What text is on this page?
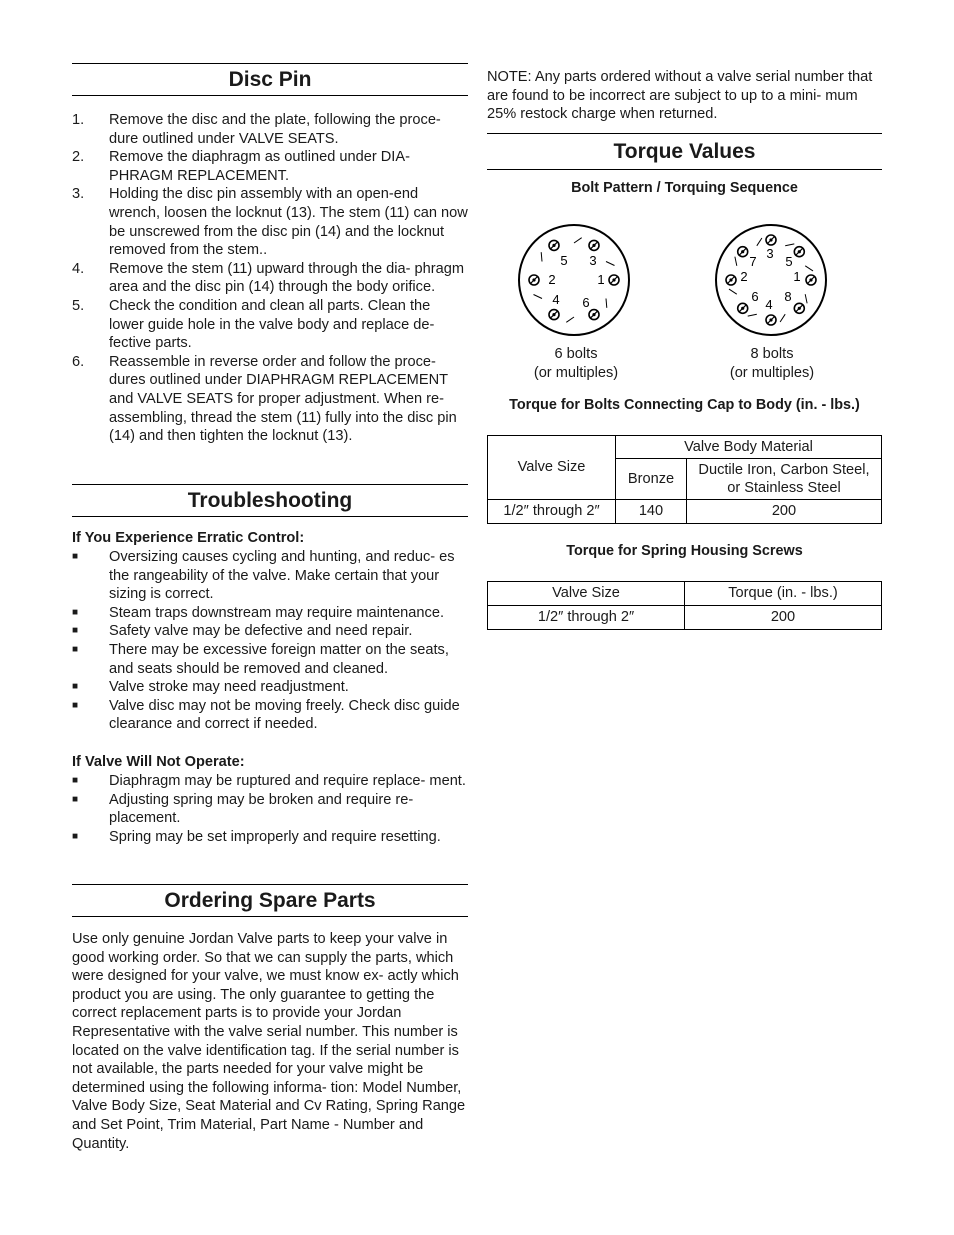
Disc Pin
1. Remove the disc and the plate, following the proce- dure outlined under VALVE SEATS.
2. Remove the diaphragm as outlined under DIA- PHRAGM REPLACEMENT.
3. Holding the disc pin assembly with an open-end wrench, loosen the locknut (13). The stem (11) can now be unscrewed from the disc pin (14) and the locknut removed from the stem..
4. Remove the stem (11) upward through the dia- phragm area and the disc pin (14) through the body orifice.
5. Check the condition and clean all parts. Clean the lower guide hole in the valve body and replace de- fective parts.
6. Reassemble in reverse order and follow the proce- dures outlined under DIAPHRAGM REPLACEMENT and VALVE SEATS for proper adjustment. When re- assembling, thread the stem (11) fully into the disc pin (14) and then tighten the locknut (13).
Troubleshooting
If You Experience Erratic Control:
■ Oversizing causes cycling and hunting, and reduc- es the rangeability of the valve. Make certain that your sizing is correct.
■ Steam traps downstream may require maintenance.
■ Safety valve may be defective and need repair.
■ There may be excessive foreign matter on the seats, and seats should be removed and cleaned.
■ Valve stroke may need readjustment.
■ Valve disc may not be moving freely. Check disc guide clearance and correct if needed.
If Valve Will Not Operate:
■ Diaphragm may be ruptured and require replace- ment.
■ Adjusting spring may be broken and require re- placement.
■ Spring may be set improperly and require resetting.
Ordering Spare Parts
Use only genuine Jordan Valve parts to keep your valve in good working order. So that we can supply the parts, which were designed for your valve, we must know ex- actly which product you are using. The only guarantee to getting the correct replacement parts is to provide your Jordan Representative with the valve serial number. This number is located on the valve identification tag. If the serial number is not available, the parts needed for your valve might be determined using the following informa- tion: Model Number, Valve Body Size, Seat Material and Cv Rating, Spring Range and Set Point, Trim Material, Part Name - Number and Quantity.
NOTE: Any parts ordered without a valve serial number that are found to be incorrect are subject to up to a mini- mum 25% restock charge when returned.
Torque Values
Bolt Pattern / Torquing Sequence
5 3
2	1
4 6
6 bolts
(or multiples)
3
7 5
2	1
6 8
4
8 bolts
(or multiples)
Torque for Bolts Connecting Cap to Body (in. - lbs.)
Valve Size	Valve Body Material	
	Bronze	Ductile Iron, Carbon Steel, or Stainless Steel
1/2″ through 2″	140	200
Torque for Spring Housing Screws
Valve Size	Torque (in. - lbs.)
1/2″ through 2″	200
